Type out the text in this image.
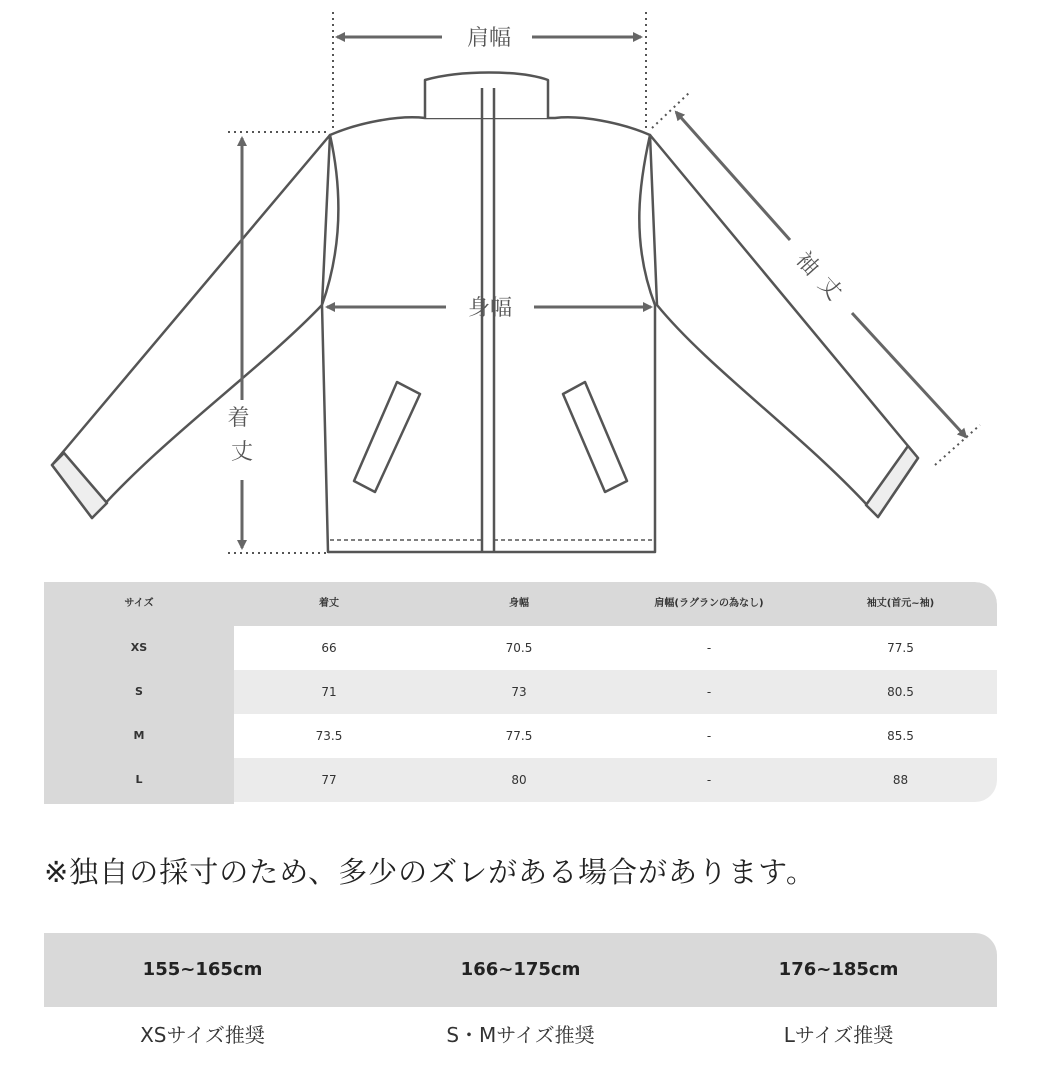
肩幅
身幅
着 丈
袖 丈
サイズ	着丈	身幅	肩幅(ラグランの為なし)	袖丈(首元~袖)
XS	66	70.5	-	77.5
S	71	73	-	80.5
M	73.5	77.5	-	85.5
L	77	80	-	88
※独自の採寸のため、多少のズレがある場合があります。
155~165cm	166~175cm	176~185cm
XSサイズ推奨	S・Mサイズ推奨	Lサイズ推奨
